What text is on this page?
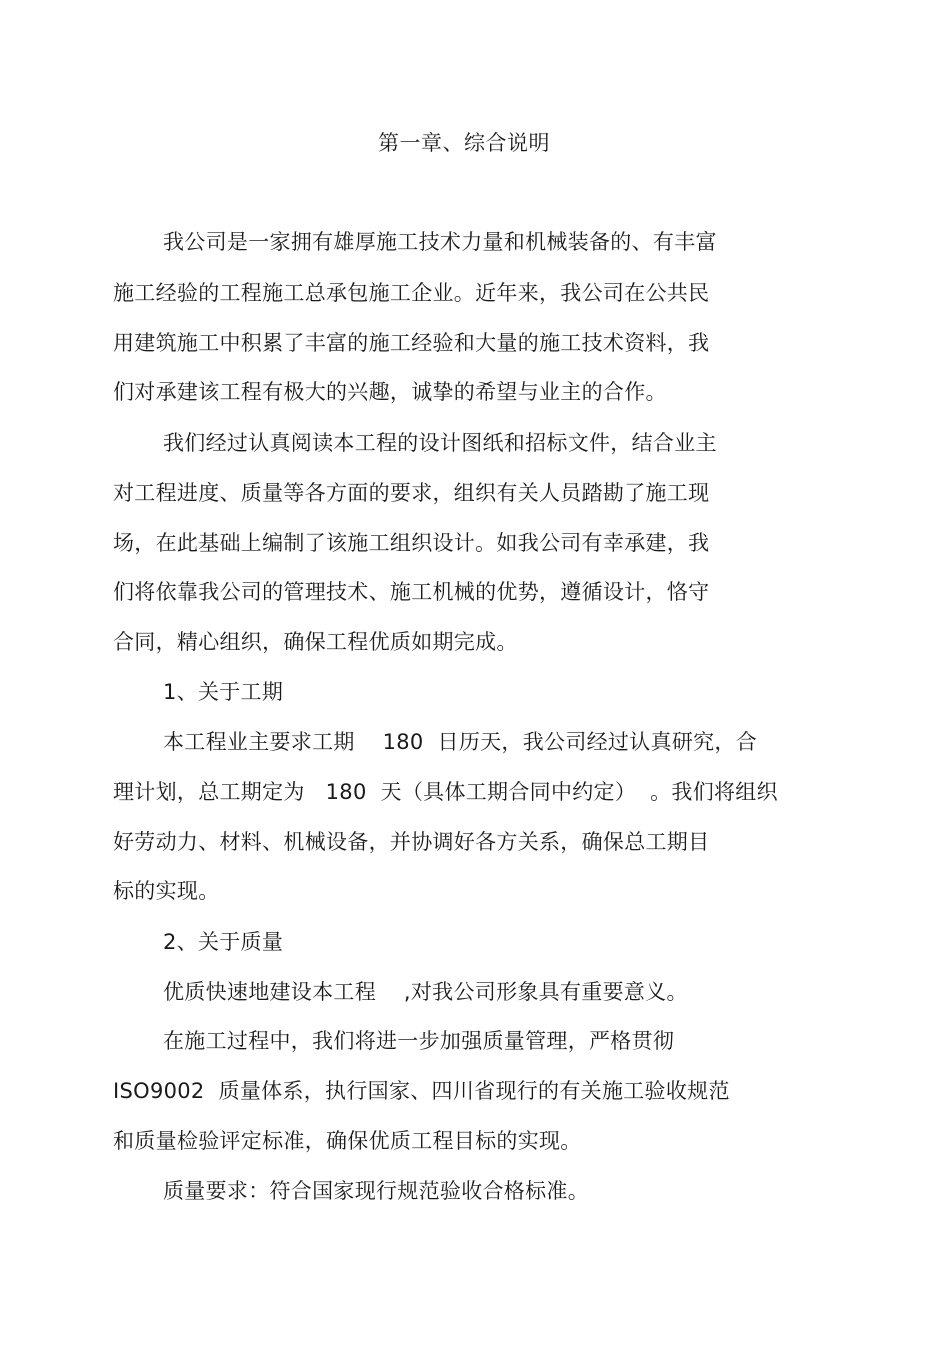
第一章、综合说明
我公司是一家拥有雄厚施工技术力量和机械装备的、有丰富
施工经验的工程施工总承包施工企业。近年来，我公司在公共民
用建筑施工中积累了丰富的施工经验和大量的施工技术资料，我
们对承建该工程有极大的兴趣，诚挚的希望与业主的合作。
我们经过认真阅读本工程的设计图纸和招标文件，结合业主
对工程进度、质量等各方面的要求，组织有关人员踏勘了施工现
场，在此基础上编制了该施工组织设计。如我公司有幸承建，我
们将依靠我公司的管理技术、施工机械的优势，遵循设计，恪守
合同，精心组织，确保工程优质如期完成。
1、关于工期
本工程业主要求工期    180  日历天，我公司经过认真研究，合
理计划，总工期定为   180  天（具体工期合同中约定）  。我们将组织
好劳动力、材料、机械设备，并协调好各方关系，确保总工期目
标的实现。
2、关于质量
优质快速地建设本工程    ,对我公司形象具有重要意义。
在施工过程中，我们将进一步加强质量管理，严格贯彻
ISO9002  质量体系，执行国家、四川省现行的有关施工验收规范
和质量检验评定标准，确保优质工程目标的实现。
质量要求：符合国家现行规范验收合格标准。
